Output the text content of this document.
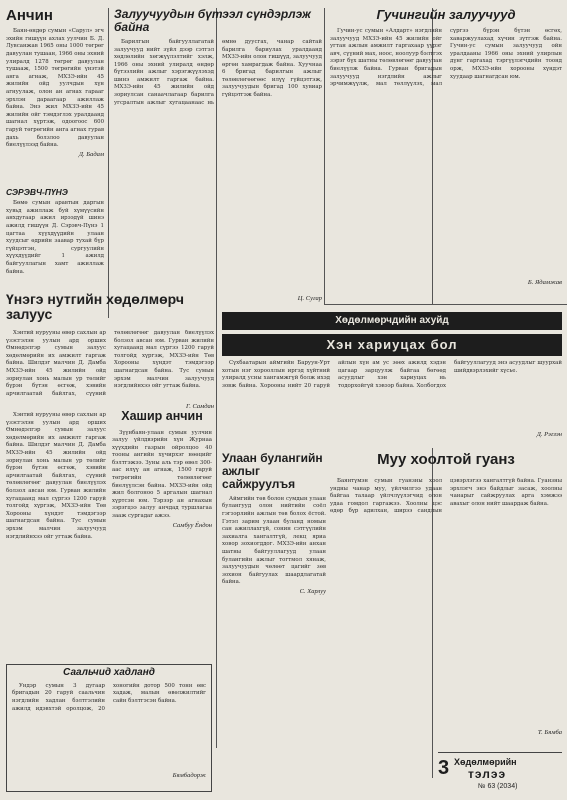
Анчин

Баян-өндөр сумын «Сарул» эгч эхийн гишүүн ахлах уулчин Б. Д. Лувсанжав 1965 оны 1000 төгрөг давуулан тушаан, 1966 оны эхний улиралд 1278 төгрөг давуулан тушааж, 1500 төгрөгийн үнэтэй анга агнаж, МХЗЭ-ийн 45 жилийн ойд уулчдын хүн агнуулаж, олон ан агнах гарааг эрхлэн дараагаар ажиллаж байна. Энэ жил МХЗЭ-ийн 45 жилийн ойг тэмдэглэх уралдаанд шагнал хүртэж, одоогоос 600 гаруй төгрөгийн анга агнах гурав дахь болзлоо давуулан биелүүлээд байна.

Д. Бадам
СЭРЭВЧ-ПҮНЭ

Бөмө сумын аравтын даргын хувьд ажиллаж буй хүмүүсийн анхдугаар ажил ирээдүй шинэ ажилд гишүүн Д. Сэрэвч-Пүнэ 1 цагтаа хүүхдүүдийн улаан хуудсыг өдрийн заавар тухай бүр гүйцэтгэн, сургуулийн хүүхдүүдийг 1 ажилд байгууллагын хамт ажиллаж байна.

Залуучуудын бүтээл сүндэрлэж байна

Барилгын байгууллагатай залуучууд нийт зүйл дээр сэтгэл хөдлөлийн хөгжүүлэлтийг хэлж, 1966 оны эхний улиралд өндөр бүтээлийн ажлыг хэрэгжүүлэхэд шинэ амжилт гаргаж байна. МХЗЭ-ийн 45 жилийн ойд зориулсан санаачлагаар барилга угсралтын ажлыг хугацаанаас нь өмнө дуусгах, чанар сайтай барилга бариулах уралдаанд МХЗЭ-ийн олон гишүүд, залуучууд өргөн хамрагдаж байна. Хуучнаа 6 бригад барилгын ажлыг төлөвлөгөөгөөс илүү гүйцэтгэж, залуучуудын бригад 100 хувиар гүйцэтгэж байна.

Ц. Сугар
Гучингийн залуучууд

Гучин-ус сумын «Алдарт» нэгдлийн залуучууд МХЗЭ-ийн 45 жилийн ойг угтан ажлын амжилт гаргахаар үүрэг авч, сүүний мах, ноос, ноолуур бэлтгэх зэрэг бүх шатны төлөвлөгөөг давуулан биелүүлж байна. Гурван бригадын залуучууд нэгдлийн ажлыг эрчимжүүлж, мал төллүүлэх, мал сүргээ бүрэн бүтэн өсгөх, хаваржуулахад хүчин зүтгэж байна. Гучин-ус сумын залуучууд ойн уралдааны 1966 оны эхний улирлын дүнг гаргахад тэргүүлэгчдийн тоонд орж, МХЗЭ-ийн хорооны хүндэт хуудаар шагнагдсан юм.

Б. Ядамжав
Үнэгэ нутгийн хөдөлмөрч залуус

Хэнтий нурууны өвөр сахлын ар үзэсгэлэн уулын ард орших Өмнөдэлгэр сумын залуус хөдөлмөрийн их амжилт гаргаж байна. Шилдэг малчин Д. Дамба МХЗЭ-ийн 45 жилийн ойд зориулан хонь малын ур төлийг бүрэн бүтэн өсгөж, хэвийн арчилгаатай байлгах, сүүний төлөвлөгөөг давуулан биелүүлэх болзол авсан юм. Гурван жилийн хугацаанд мал сүргээ 1200 гаруй толгойд хүргэж, МХЗЭ-ийн Төв Хорооны хүндэт тэмдэгээр шагнагдсан байна. Тус сумын эрхэм малчин залуучууд нэгдлийнхээ ойг угтаж байна.

Г. Самдан

Хэнтий нурууны өвөр сахлын ар үзэсгэлэн уулын ард орших Өмнөдэлгэр сумын залуус хөдөлмөрийн их амжилт гаргаж байна. Шилдэг малчин Д. Дамба МХЗЭ-ийн 45 жилийн ойд зориулан хонь малын ур төлийг бүрэн бүтэн өсгөж, хэвийн арчилгаатай байлгах, сүүний төлөвлөгөөг давуулан биелүүлэх болзол авсан юм. Гурван жилийн хугацаанд мал сүргээ 1200 гаруй толгойд хүргэж, МХЗЭ-ийн Төв Хорооны хүндэт тэмдэгээр шагнагдсан байна. Тус сумын эрхэм малчин залуучууд нэгдлийнхээ ойг угтаж байна.

Хашир анчин

Зүүнбаян-улаан сумын уулчин залуу үйлдвэрийн хүн Журнаа хүүхдийн газрын ойролцоо 40 тооны ангийн хүчирхэг нөөцийг бэлтгэжээ. Зуны аль тэр өвөл 300-аас илүү ан агнаж, 1500 гаруй төгрөгийн төлөвлөгөөг биелүүлсэн байна. МХЗЭ-ийн ойд жил болгоноо 5 аргалын шагнал хүртсэн юм. Тэрээр ан агнахын зэрэгцээ залуу анчдад туршлагаа зааж сургадаг ажээ.

Самбуу Ёндон
Хөдөлмөрчдийн ахуйд
Хэн хариуцах бол

Сүхбаатарын аймгийн Баруун-Урт хотын нэг хорооллын иргэд хүйтний улиралд усны хангамжгүй болж ихэд зовж байна. Хорооны нийт 20 гаруй айлын хүн ам ус зөөх ажилд хэдэн цагаар зарцуулж байгаа бөгөөд асуудлыг хэн хариуцах нь тодорхойгүй хэвээр байна. Холбогдох байгууллагууд энэ асуудлыг шуурхай шийдвэрлэхийг хүсье.

Д. Рэгзэн
Муу хоолтой гуанз

Баянтүмэн сумын гуанзны хоол ундны чанар муу, үйлчилгээ удаан байгаа талаар үйлчлүүлэгчид олон удаа гомдол гаргажээ. Хоолны цэс өдөр бүр адилхан, ширээ сандлын цэвэрлэгээ хангалтгүй байна. Гуанзны эрхлэгч энэ байдлыг засаж, хоолны чанарыг сайжруулах арга хэмжээ авахыг олон нийт шаардаж байна.

Т. Бямба
Улаан булангийн ажлыг сайжруулъя

Аймгийн төв болон сумдын улаан булангууд олон нийтийн соёл гэгээрлийн ажлын төв болох ёстой. Гэтэл зарим улаан буланд номын сан ажиллахгүй, сонин сэтгүүлийн захиалга хангалтгүй, лекц яриа ховор зохиогддог. МХЗЭ-ийн анхан шатны байгууллагууд улаан булангийн ажлыг тогтмол хянаж, залуучуудын чөлөөт цагийг зөв зохион байгуулах шаардлагатай байна.

С. Харлуу
Саальчид хадланд

Ундэр сумын 3 дугаар бригадын 20 гаруй саальчин нэгдлийн хадлан бэлтгэлийн ажилд идэвхтэй оролцож, 20 хоногийн дотор 500 тонн өвс хадаж, малын өвөлжилтийг сайн бэлтгэсэн байна.

Бямбадорж	3 Хөдөлмөрийн
тэлээ
№ 63 (2034)
